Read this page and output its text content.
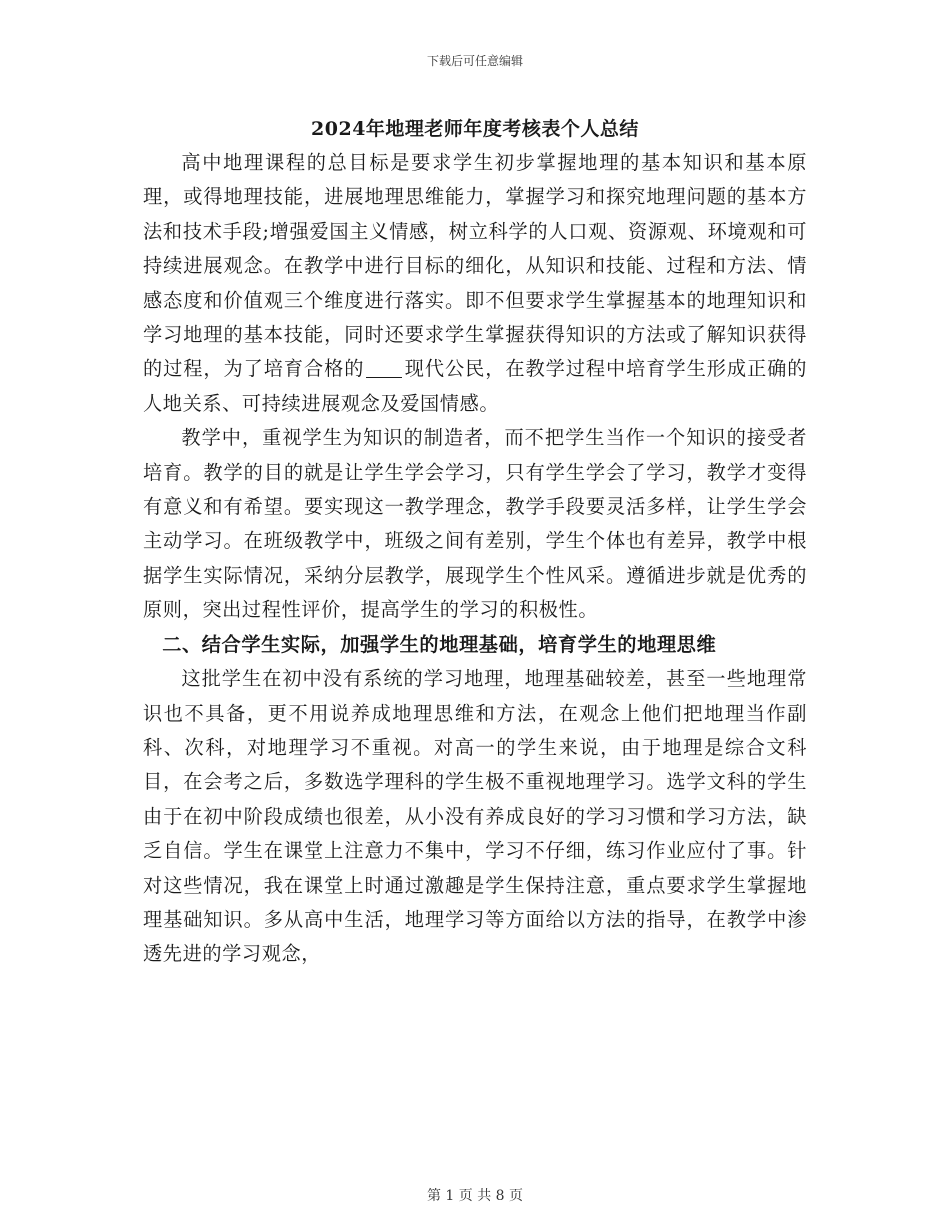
下载后可任意编辑
2024年地理老师年度考核表个人总结

高中地理课程的总目标是要求学生初步掌握地理的基本知识和基本原理，或得地理技能，进展地理思维能力，掌握学习和探究地理问题的基本方法和技术手段;增强爱国主义情感，树立科学的人口观、资源观、环境观和可持续进展观念。在教学中进行目标的细化，从知识和技能、过程和方法、情感态度和价值观三个维度进行落实。即不但要求学生掌握基本的地理知识和学习地理的基本技能，同时还要求学生掌握获得知识的方法或了解知识获得的过程，为了培育合格的 现代公民，在教学过程中培育学生形成正确的人地关系、可持续进展观念及爱国情感。

教学中，重视学生为知识的制造者，而不把学生当作一个知识的接受者培育。教学的目的就是让学生学会学习，只有学生学会了学习，教学才变得有意义和有希望。要实现这一教学理念，教学手段要灵活多样，让学生学会主动学习。在班级教学中，班级之间有差别，学生个体也有差异，教学中根据学生实际情况，采纳分层教学，展现学生个性风采。遵循进步就是优秀的原则，突出过程性评价，提高学生的学习的积极性。

二、结合学生实际，加强学生的地理基础，培育学生的地理思维

这批学生在初中没有系统的学习地理，地理基础较差，甚至一些地理常识也不具备，更不用说养成地理思维和方法，在观念上他们把地理当作副科、次科，对地理学习不重视。对高一的学生来说，由于地理是综合文科目，在会考之后，多数选学理科的学生极不重视地理学习。选学文科的学生由于在初中阶段成绩也很差，从小没有养成良好的学习习惯和学习方法，缺乏自信。学生在课堂上注意力不集中，学习不仔细，练习作业应付了事。针对这些情况，我在课堂上时通过激趣是学生保持注意，重点要求学生掌握地理基础知识。多从高中生活，地理学习等方面给以方法的指导，在教学中渗透先进的学习观念，

第 1 页 共 8 页
